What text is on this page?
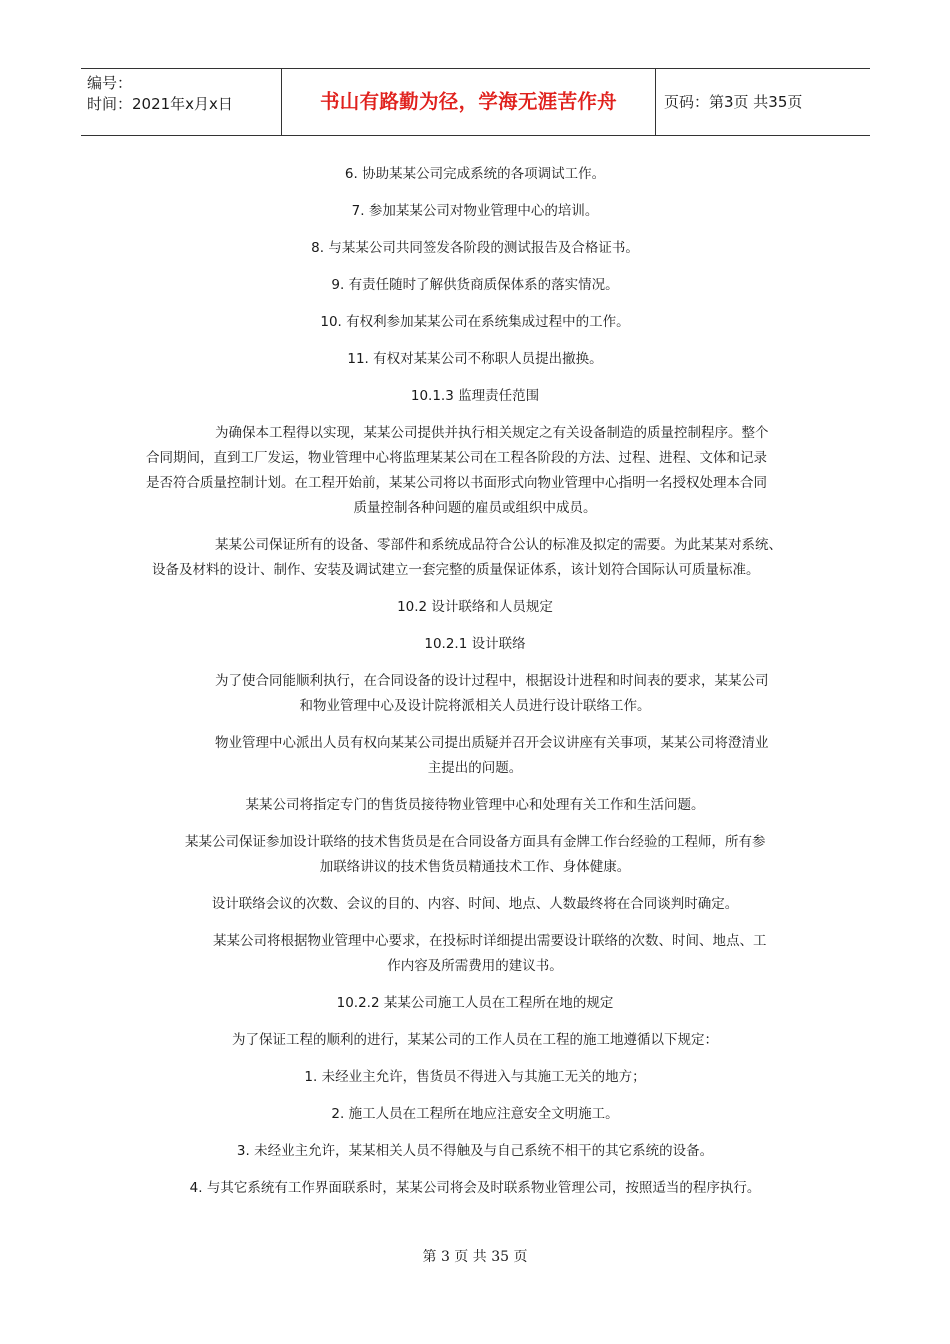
编号：
时间：2021年x月x日	书山有路勤为径，学海无涯苦作舟	页码：第3页 共35页
6. 协助某某公司完成系统的各项调试工作。
7. 参加某某公司对物业管理中心的培训。
8. 与某某公司共同签发各阶段的测试报告及合格证书。
9. 有责任随时了解供货商质保体系的落实情况。
10. 有权利参加某某公司在系统集成过程中的工作。
11. 有权对某某公司不称职人员提出撤换。
10.1.3 监理责任范围
为确保本工程得以实现，某某公司提供并执行相关规定之有关设备制造的质量控制程序。整个
合同期间，直到工厂发运，物业管理中心将监理某某公司在工程各阶段的方法、过程、进程、文体和记录
是否符合质量控制计划。在工程开始前，某某公司将以书面形式向物业管理中心指明一名授权处理本合同
质量控制各种问题的雇员或组织中成员。
某某公司保证所有的设备、零部件和系统成品符合公认的标准及拟定的需要。为此某某对系统、
设备及材料的设计、制作、安装及调试建立一套完整的质量保证体系，该计划符合国际认可质量标准。
10.2 设计联络和人员规定
10.2.1 设计联络
为了使合同能顺利执行，在合同设备的设计过程中，根据设计进程和时间表的要求，某某公司
和物业管理中心及设计院将派相关人员进行设计联络工作。
物业管理中心派出人员有权向某某公司提出质疑并召开会议讲座有关事项，某某公司将澄清业
主提出的问题。
某某公司将指定专门的售货员接待物业管理中心和处理有关工作和生活问题。
某某公司保证参加设计联络的技术售货员是在合同设备方面具有金牌工作台经验的工程师，所有参
加联络讲议的技术售货员精通技术工作、身体健康。
设计联络会议的次数、会议的目的、内容、时间、地点、人数最终将在合同谈判时确定。
某某公司将根据物业管理中心要求，在投标时详细提出需要设计联络的次数、时间、地点、工
作内容及所需费用的建议书。
10.2.2 某某公司施工人员在工程所在地的规定
为了保证工程的顺利的进行，某某公司的工作人员在工程的施工地遵循以下规定：
1. 未经业主允许，售货员不得进入与其施工无关的地方；
2. 施工人员在工程所在地应注意安全文明施工。
3. 未经业主允许，某某相关人员不得触及与自己系统不相干的其它系统的设备。
4. 与其它系统有工作界面联系时，某某公司将会及时联系物业管理公司，按照适当的程序执行。
第 3 页 共 35 页
